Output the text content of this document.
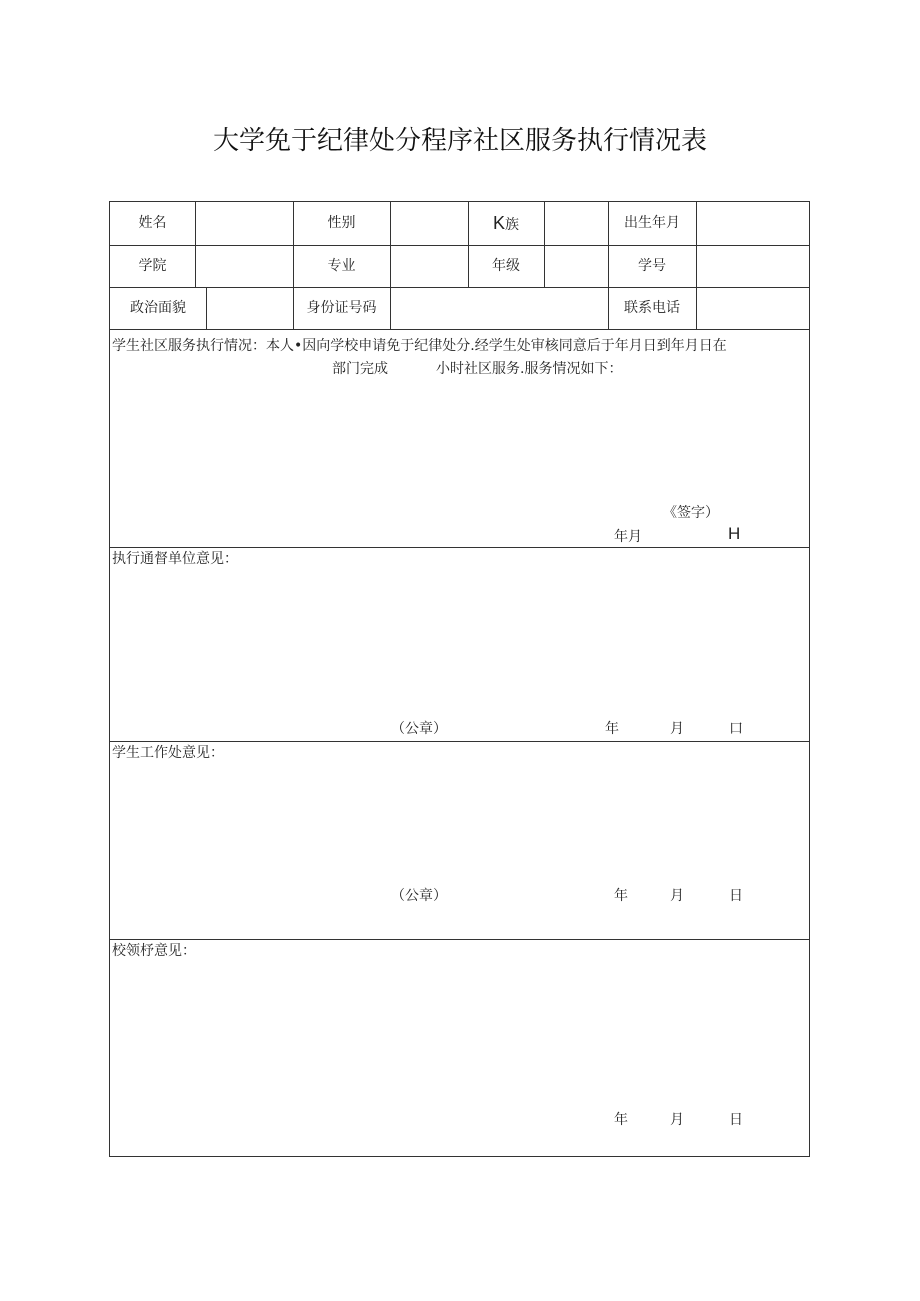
大学免于纪律处分程序社区服务执行情况表
姓名	性别	K族	出生年月
学院	专业	年级	学号
政治面貌	身份证号码	联系电话
学生社区服务执行情况：本人•因向学校申请免于纪律处分.经学生处审核同意后于年月日到年月日在
部门完成	小时社区服务.服务情况如下：
《签字）
年月	H
执行通督单位意见：
（公章）	年	月	口
学生工作处意见：
（公章）	年	月	日
校领杼意见：
年	月	日
